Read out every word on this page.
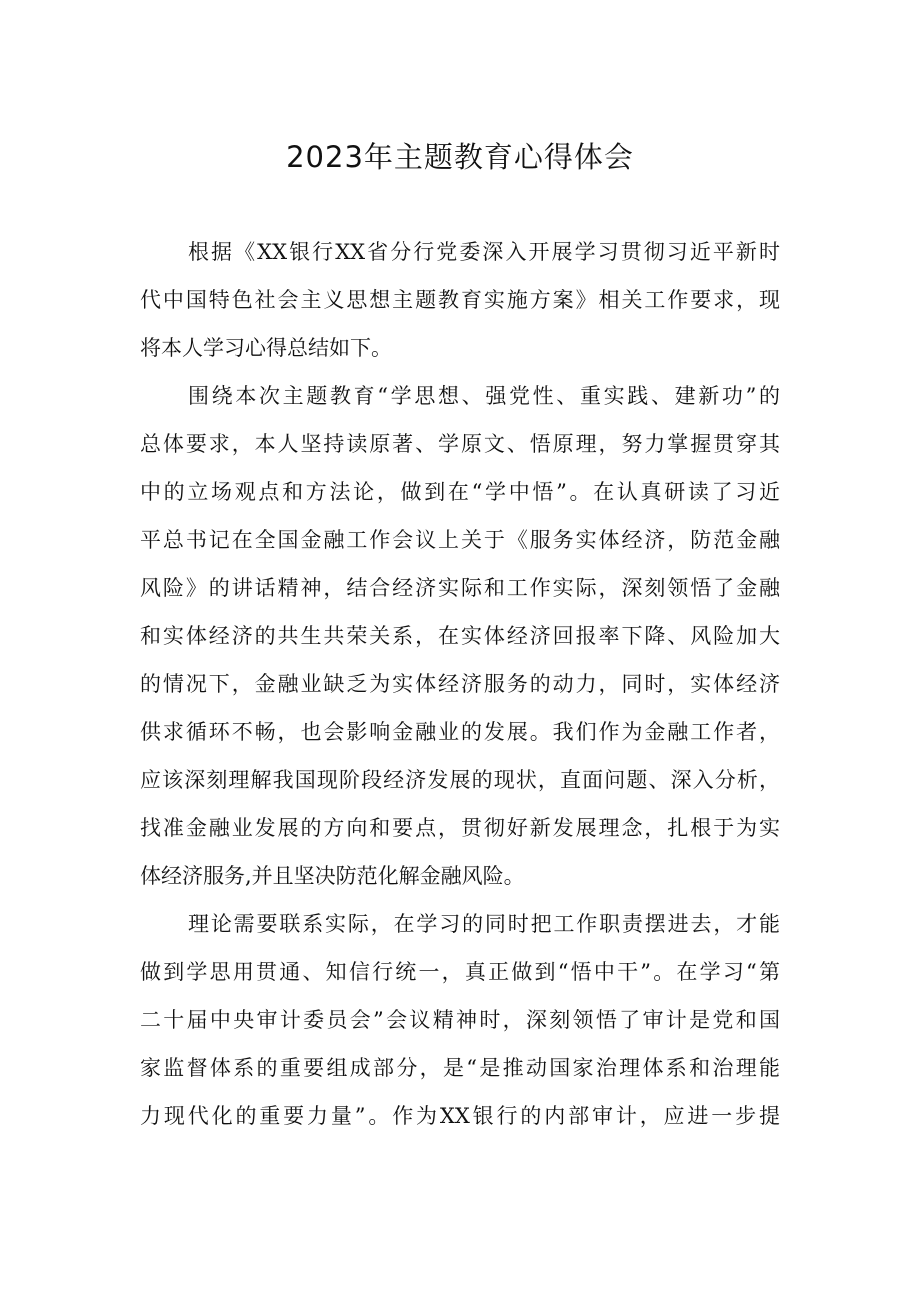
2023年主题教育心得体会

根据《XX银行XX省分行党委深入开展学习贯彻习近平新时

代中国特色社会主义思想主题教育实施方案》相关工作要求，现

将本人学习心得总结如下。

围绕本次主题教育“学思想、强党性、重实践、建新功”的

总体要求，本人坚持读原著、学原文、悟原理，努力掌握贯穿其

中的立场观点和方法论，做到在“学中悟”。在认真研读了习近

平总书记在全国金融工作会议上关于《服务实体经济，防范金融

风险》的讲话精神，结合经济实际和工作实际，深刻领悟了金融

和实体经济的共生共荣关系，在实体经济回报率下降、风险加大

的情况下，金融业缺乏为实体经济服务的动力，同时，实体经济

供求循环不畅，也会影响金融业的发展。我们作为金融工作者，

应该深刻理解我国现阶段经济发展的现状，直面问题、深入分析，

找准金融业发展的方向和要点，贯彻好新发展理念，扎根于为实

体经济服务,并且坚决防范化解金融风险。

理论需要联系实际，在学习的同时把工作职责摆进去，才能

做到学思用贯通、知信行统一，真正做到“悟中干”。在学习“第

二十届中央审计委员会”会议精神时，深刻领悟了审计是党和国

家监督体系的重要组成部分，是“是推动国家治理体系和治理能

力现代化的重要力量”。作为XX银行的内部审计，应进一步提
